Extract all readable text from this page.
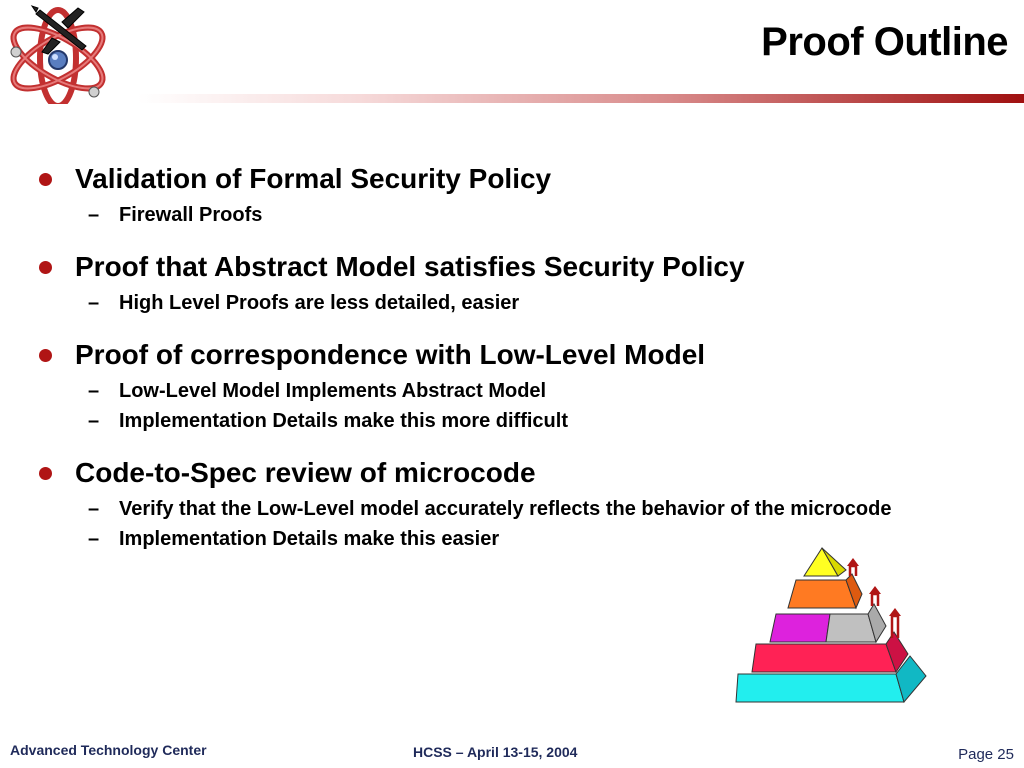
Proof Outline
Validation of Formal Security Policy
– Firewall Proofs
Proof that Abstract Model satisfies Security Policy
– High Level Proofs are less detailed, easier
Proof of correspondence with Low-Level Model
– Low-Level Model Implements Abstract Model
– Implementation Details make this more difficult
Code-to-Spec review of microcode
– Verify that the Low-Level model accurately reflects the behavior of the microcode
– Implementation Details make this easier
Advanced Technology Center	HCSS – April 13-15, 2004	Page 25
